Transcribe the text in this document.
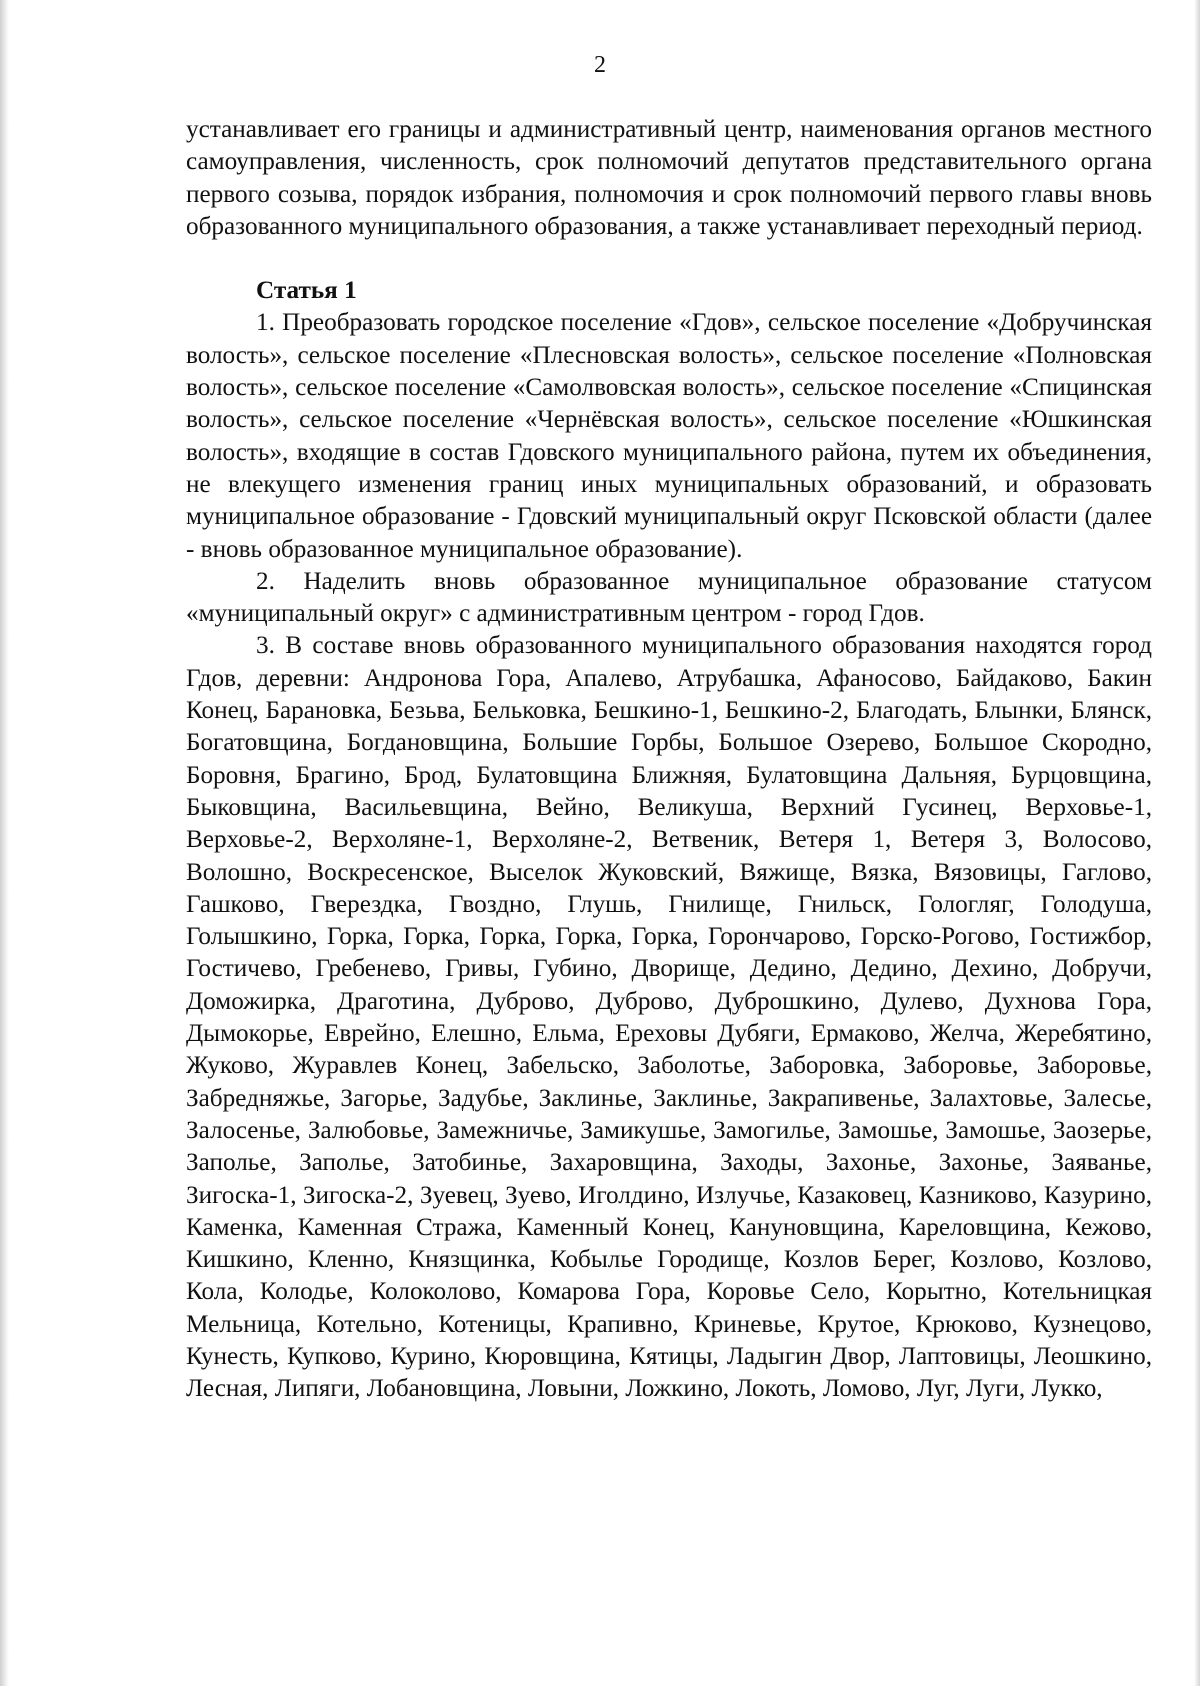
2

устанавливает его границы и административный центр, наименования органов местного самоуправления, численность, срок полномочий депутатов представительного органа первого созыва, порядок избрания, полномочия и срок полномочий первого главы вновь образованного муниципального образования, а также устанавливает переходный период.

Статья 1

1. Преобразовать городское поселение «Гдов», сельское поселение «Добручинская волость», сельское поселение «Плесновская волость», сельское поселение «Полновская волость», сельское поселение «Самолвовская волость», сельское поселение «Спицинская волость», сельское поселение «Чернёвская волость», сельское поселение «Юшкинская волость», входящие в состав Гдовского муниципального района, путем их объединения, не влекущего изменения границ иных муниципальных образований, и образовать муниципальное образование - Гдовский муниципальный округ Псковской области (далее - вновь образованное муниципальное образование).

2. Наделить вновь образованное муниципальное образование статусом «муниципальный округ» с административным центром - город Гдов.

3. В составе вновь образованного муниципального образования находятся город Гдов, деревни: Андронова Гора, Апалево, Атрубашка, Афаносово, Байдаково, Бакин Конец, Барановка, Безьва, Бельковка, Бешкино-1, Бешкино-2, Благодать, Блынки, Блянск, Богатовщина, Богдановщина, Большие Горбы, Большое Озерево, Большое Скородно, Боровня, Брагино, Брод, Булатовщина Ближняя, Булатовщина Дальняя, Бурцовщина, Быковщина, Васильевщина, Вейно, Великуша, Верхний Гусинец, Верховье-1, Верховье-2, Верхоляне-1, Верхоляне-2, Ветвеник, Ветеря 1, Ветеря 3, Волосово, Волошно, Воскресенское, Выселок Жуковский, Вяжище, Вязка, Вязовицы, Гаглово, Гашково, Гверездка, Гвоздно, Глушь, Гнилище, Гнильск, Гологляг, Голодуша, Голышкино, Горка, Горка, Горка, Горка, Горка, Горончарово, Горско-Рогово, Гостижбор, Гостичево, Гребенево, Гривы, Губино, Дворище, Дедино, Дедино, Дехино, Добручи, Доможирка, Драготина, Дуброво, Дуброво, Дуброшкино, Дулево, Духнова Гора, Дымокорье, Еврейно, Елешно, Ельма, Ереховы Дубяги, Ермаково, Желча, Жеребятино, Жуково, Журавлев Конец, Забельско, Заболотье, Заборовка, Заборовье, Заборовье, Забредняжье, Загорье, Задубье, Заклинье, Заклинье, Закрапивенье, Залахтовье, Залесье, Залосенье, Залюбовье, Замежничье, Замикушье, Замогилье, Замошье, Замошье, Заозерье, Заполье, Заполье, Затобинье, Захаровщина, Заходы, Захонье, Захонье, Заяванье, Зигоска-1, Зигоска-2, Зуевец, Зуево, Иголдино, Излучье, Казаковец, Казниково, Казурино, Каменка, Каменная Стража, Каменный Конец, Кануновщина, Кареловщина, Кежово, Кишкино, Кленно, Князщинка, Кобылье Городище, Козлов Берег, Козлово, Козлово, Кола, Колодье, Колоколово, Комарова Гора, Коровье Село, Корытно, Котельницкая Мельница, Котельно, Котеницы, Крапивно, Криневье, Крутое, Крюково, Кузнецово, Кунесть, Купково, Курино, Кюровщина, Кятицы, Ладыгин Двор, Лаптовицы, Леошкино, Лесная, Липяги, Лобановщина, Ловыни, Ложкино, Локоть, Ломово, Луг, Луги, Лукко,
